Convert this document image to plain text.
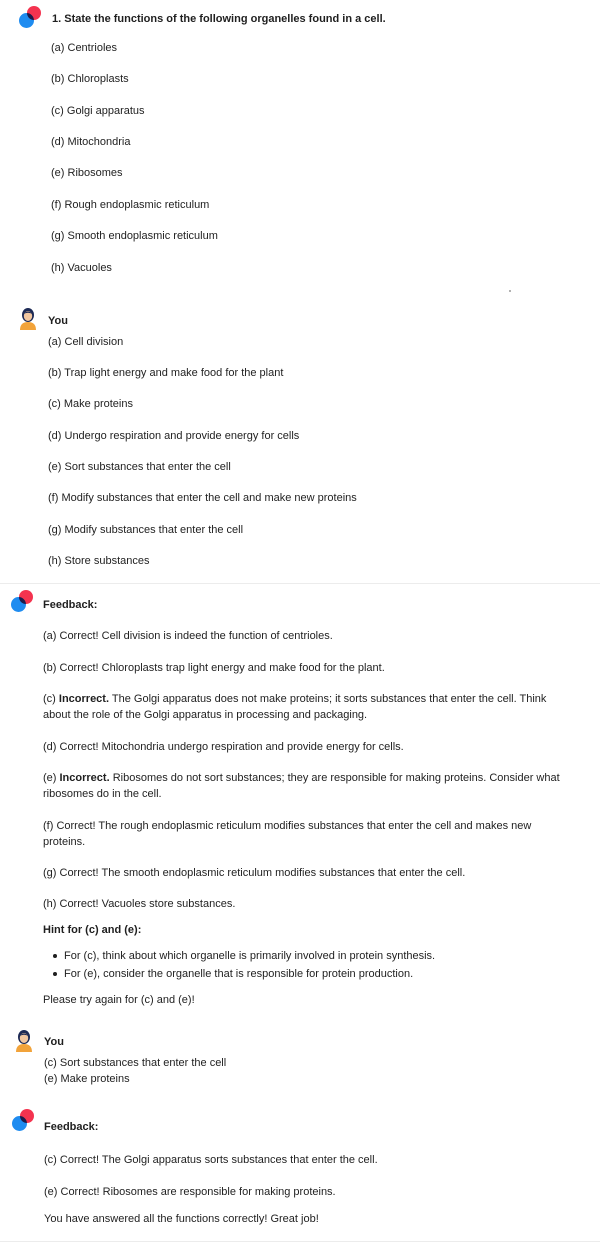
1. State the functions of the following organelles found in a cell.
(a) Centrioles
(b) Chloroplasts
(c) Golgi apparatus
(d) Mitochondria
(e) Ribosomes
(f) Rough endoplasmic reticulum
(g) Smooth endoplasmic reticulum
(h) Vacuoles
You
(a) Cell division
(b) Trap light energy and make food for the plant
(c) Make proteins
(d) Undergo respiration and provide energy for cells
(e) Sort substances that enter the cell
(f) Modify substances that enter the cell and make new proteins
(g) Modify substances that enter the cell
(h) Store substances
Feedback:
(a) Correct! Cell division is indeed the function of centrioles.
(b) Correct! Chloroplasts trap light energy and make food for the plant.
(c) Incorrect. The Golgi apparatus does not make proteins; it sorts substances that enter the cell. Think
about the role of the Golgi apparatus in processing and packaging.
(d) Correct! Mitochondria undergo respiration and provide energy for cells.
(e) Incorrect. Ribosomes do not sort substances; they are responsible for making proteins. Consider what
ribosomes do in the cell.
(f) Correct! The rough endoplasmic reticulum modifies substances that enter the cell and makes new
proteins.
(g) Correct! The smooth endoplasmic reticulum modifies substances that enter the cell.
(h) Correct! Vacuoles store substances.
Hint for (c) and (e):
For (c), think about which organelle is primarily involved in protein synthesis.
For (e), consider the organelle that is responsible for protein production.
Please try again for (c) and (e)!
You
(c) Sort substances that enter the cell
(e) Make proteins
Feedback:
(c) Correct! The Golgi apparatus sorts substances that enter the cell.
(e) Correct! Ribosomes are responsible for making proteins.
You have answered all the functions correctly! Great job!
